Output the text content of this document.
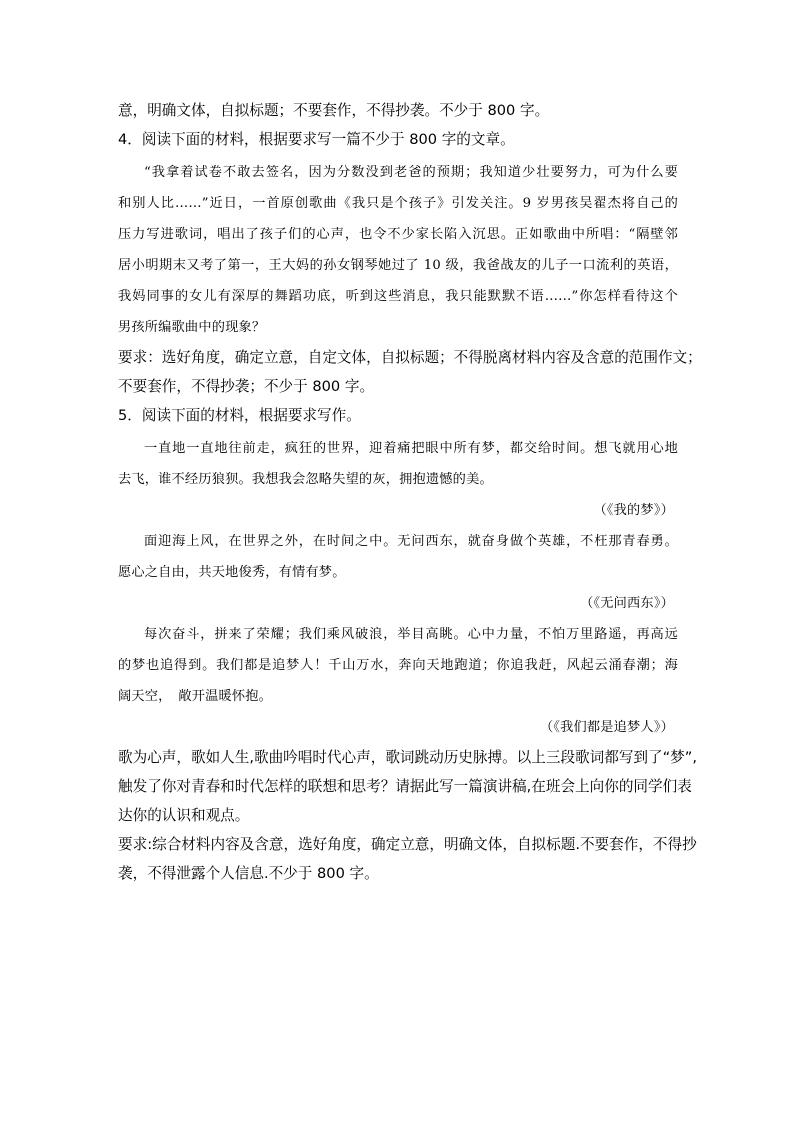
意，明确文体，自拟标题；不要套作，不得抄袭。不少于 800 字。

4．阅读下面的材料，根据要求写一篇不少于 800 字的文章。

“我拿着试卷不敢去签名，因为分数没到老爸的预期；我知道少壮要努力，可为什么要

和别人比……”近日，一首原创歌曲《我只是个孩子》引发关注。9 岁男孩吴翟杰将自己的

压力写进歌词，唱出了孩子们的心声，也令不少家长陷入沉思。正如歌曲中所唱：“隔壁邻

居小明期末又考了第一，王大妈的孙女钢琴她过了 10 级，我爸战友的儿子一口流利的英语，

我妈同事的女儿有深厚的舞蹈功底，听到这些消息，我只能默默不语……”你怎样看待这个

男孩所编歌曲中的现象？

要求：选好角度，确定立意，自定文体，自拟标题；不得脱离材料内容及含意的范围作文；

不要套作，不得抄袭；不少于 800 字。

5．阅读下面的材料，根据要求写作。

一直地一直地往前走，疯狂的世界，迎着痛把眼中所有梦，都交给时间。想飞就用心地

去飞，谁不经历狼狈。我想我会忽略失望的灰，拥抱遗憾的美。

（《我的梦》）

面迎海上风，在世界之外，在时间之中。无问西东，就奋身做个英雄，不枉那青春勇。

愿心之自由，共天地俊秀，有情有梦。

（《无问西东》）

每次奋斗，拼来了荣耀；我们乘风破浪，举目高眺。心中力量，不怕万里路遥，再高远

的梦也追得到。我们都是追梦人！千山万水，奔向天地跑道；你追我赶，风起云涌春潮；海

阔天空，　敞开温暖怀抱。

（《我们都是追梦人》）

歌为心声，歌如人生,歌曲吟唱时代心声，歌词跳动历史脉搏。以上三段歌词都写到了“梦”,

触发了你对青春和时代怎样的联想和思考？请据此写一篇演讲稿,在班会上向你的同学们表

达你的认识和观点。

要求:综合材料内容及含意，选好角度，确定立意，明确文体，自拟标题.不要套作，不得抄

袭，不得泄露个人信息.不少于 800 字。
